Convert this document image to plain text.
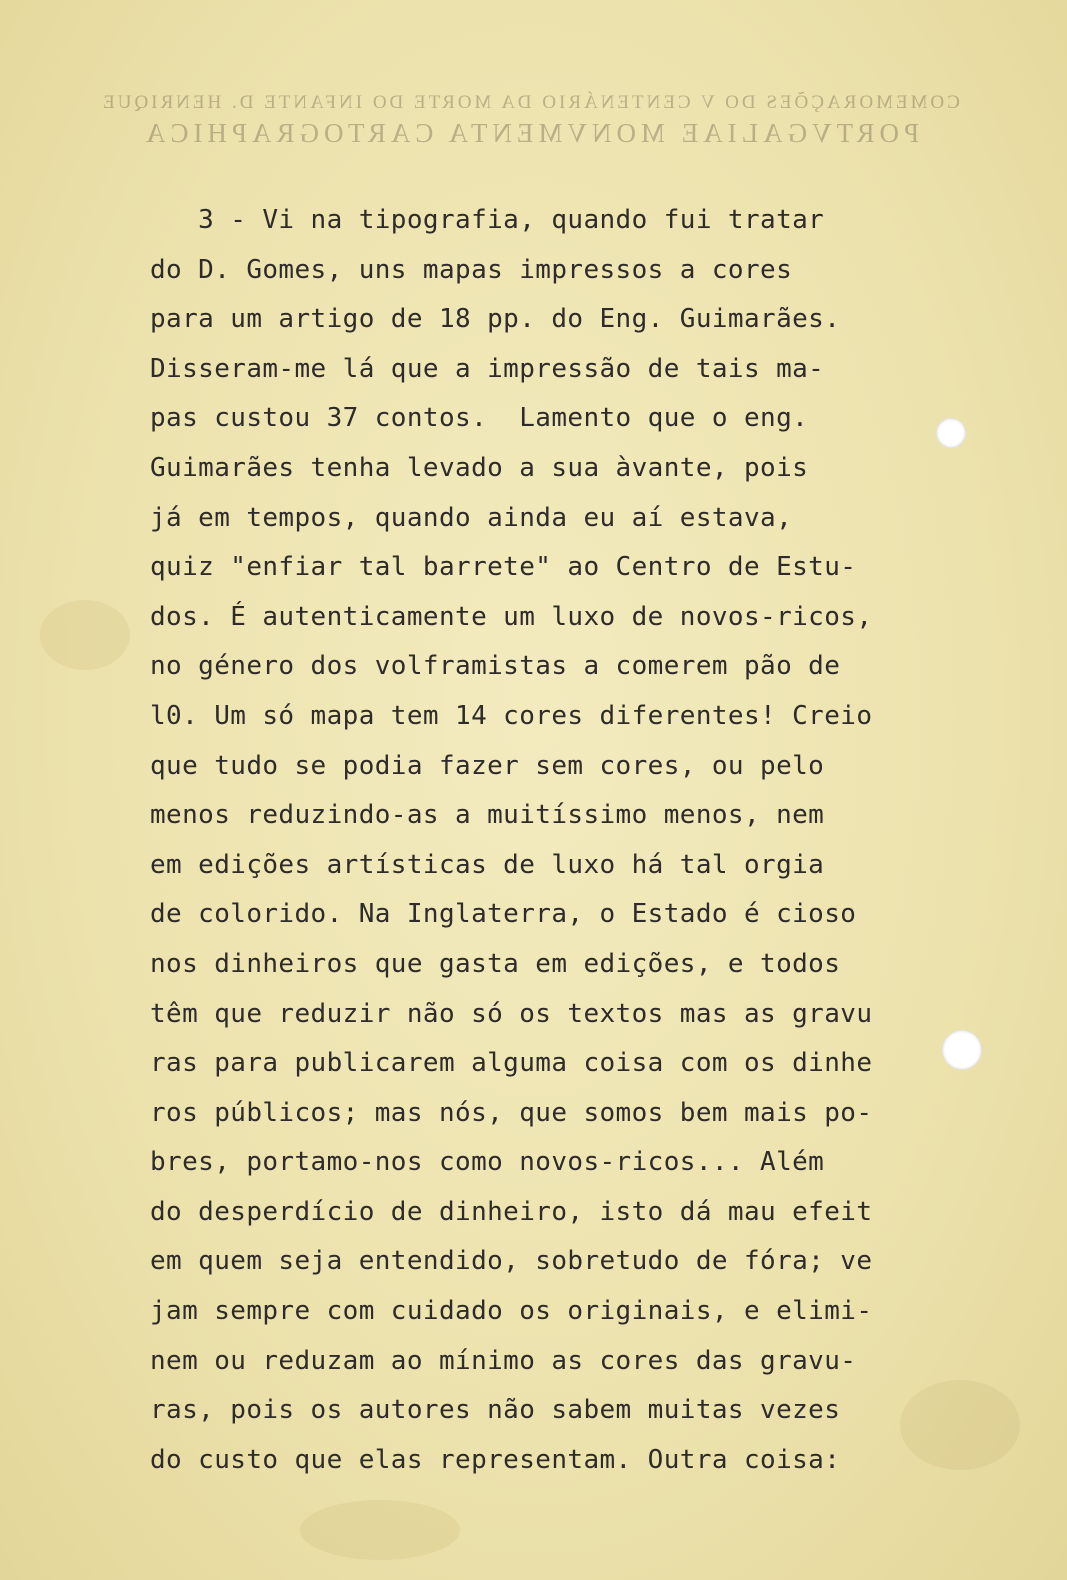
COMEMORAÇÕES DO V CENTENÁRIO DA MORTE DO INFANTE D. HENRIQUE
PORTVGALIAE MONVMENTA CARTOGRAPHICA
3 - Vi na tipografia, quando fui tratar
do D. Gomes, uns mapas impressos a cores
para um artigo de 18 pp. do Eng. Guimarães.
Disseram-me lá que a impressão de tais ma-
pas custou 37 contos.  Lamento que o eng.
Guimarães tenha levado a sua àvante, pois
já em tempos, quando ainda eu aí estava,
quiz "enfiar tal barrete" ao Centro de Estu-
dos. É autenticamente um luxo de novos-ricos,
no género dos volframistas a comerem pão de
l0. Um só mapa tem 14 cores diferentes! Creio
que tudo se podia fazer sem cores, ou pelo
menos reduzindo-as a muitíssimo menos, nem
em edições artísticas de luxo há tal orgia
de colorido. Na Inglaterra, o Estado é cioso
nos dinheiros que gasta em edições, e todos
têm que reduzir não só os textos mas as gravu
ras para publicarem alguma coisa com os dinhe
ros públicos; mas nós, que somos bem mais po-
bres, portamo-nos como novos-ricos... Além
do desperdício de dinheiro, isto dá mau efeit
em quem seja entendido, sobretudo de fóra; ve
jam sempre com cuidado os originais, e elimi-
nem ou reduzam ao mínimo as cores das gravu-
ras, pois os autores não sabem muitas vezes
do custo que elas representam. Outra coisa:
